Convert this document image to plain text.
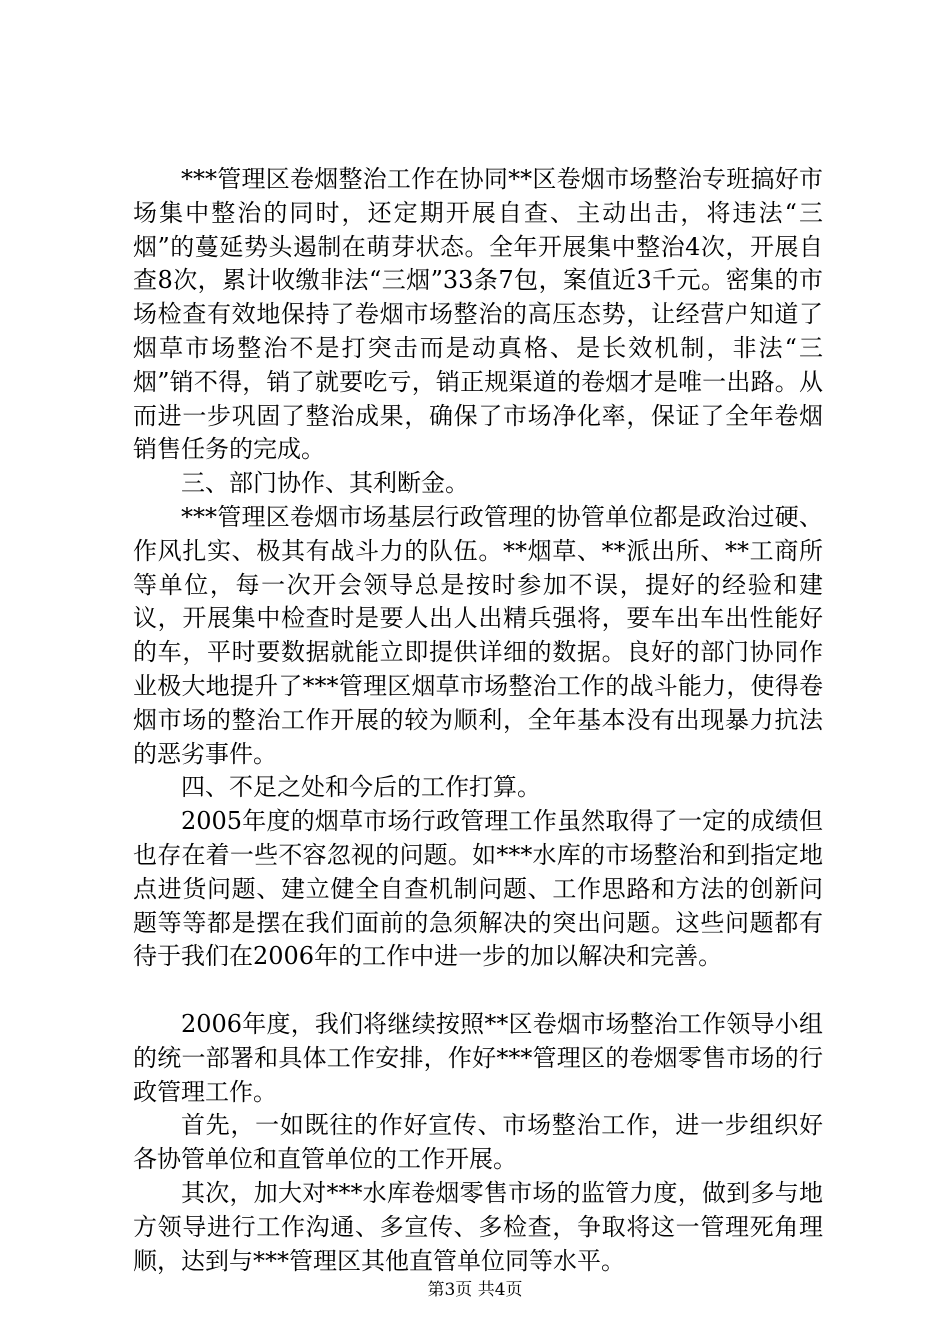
***管理区卷烟整治工作在协同**区卷烟市场整治专班搞好市场集中整治的同时，还定期开展自查、主动出击，将违法“三烟”的蔓延势头遏制在萌芽状态。全年开展集中整治4次，开展自查8次，累计收缴非法“三烟”33条7包，案值近3千元。密集的市场检查有效地保持了卷烟市场整治的高压态势，让经营户知道了烟草市场整治不是打突击而是动真格、是长效机制，非法“三烟”销不得，销了就要吃亏，销正规渠道的卷烟才是唯一出路。从而进一步巩固了整治成果，确保了市场净化率，保证了全年卷烟销售任务的完成。

三、部门协作、其利断金。

***管理区卷烟市场基层行政管理的协管单位都是政治过硬、作风扎实、极其有战斗力的队伍。**烟草、**派出所、**工商所等单位，每一次开会领导总是按时参加不误，提好的经验和建议，开展集中检查时是要人出人出精兵强将，要车出车出性能好的车，平时要数据就能立即提供详细的数据。良好的部门协同作业极大地提升了***管理区烟草市场整治工作的战斗能力，使得卷烟市场的整治工作开展的较为顺利，全年基本没有出现暴力抗法的恶劣事件。

四、不足之处和今后的工作打算。

2005年度的烟草市场行政管理工作虽然取得了一定的成绩但也存在着一些不容忽视的问题。如***水库的市场整治和到指定地点进货问题、建立健全自查机制问题、工作思路和方法的创新问题等等都是摆在我们面前的急须解决的突出问题。这些问题都有待于我们在2006年的工作中进一步的加以解决和完善。

2006年度，我们将继续按照**区卷烟市场整治工作领导小组的统一部署和具体工作安排，作好***管理区的卷烟零售市场的行政管理工作。

首先，一如既往的作好宣传、市场整治工作，进一步组织好各协管单位和直管单位的工作开展。

其次，加大对***水库卷烟零售市场的监管力度，做到多与地方领导进行工作沟通、多宣传、多检查，争取将这一管理死角理顺，达到与***管理区其他直管单位同等水平。

第3页 共4页
